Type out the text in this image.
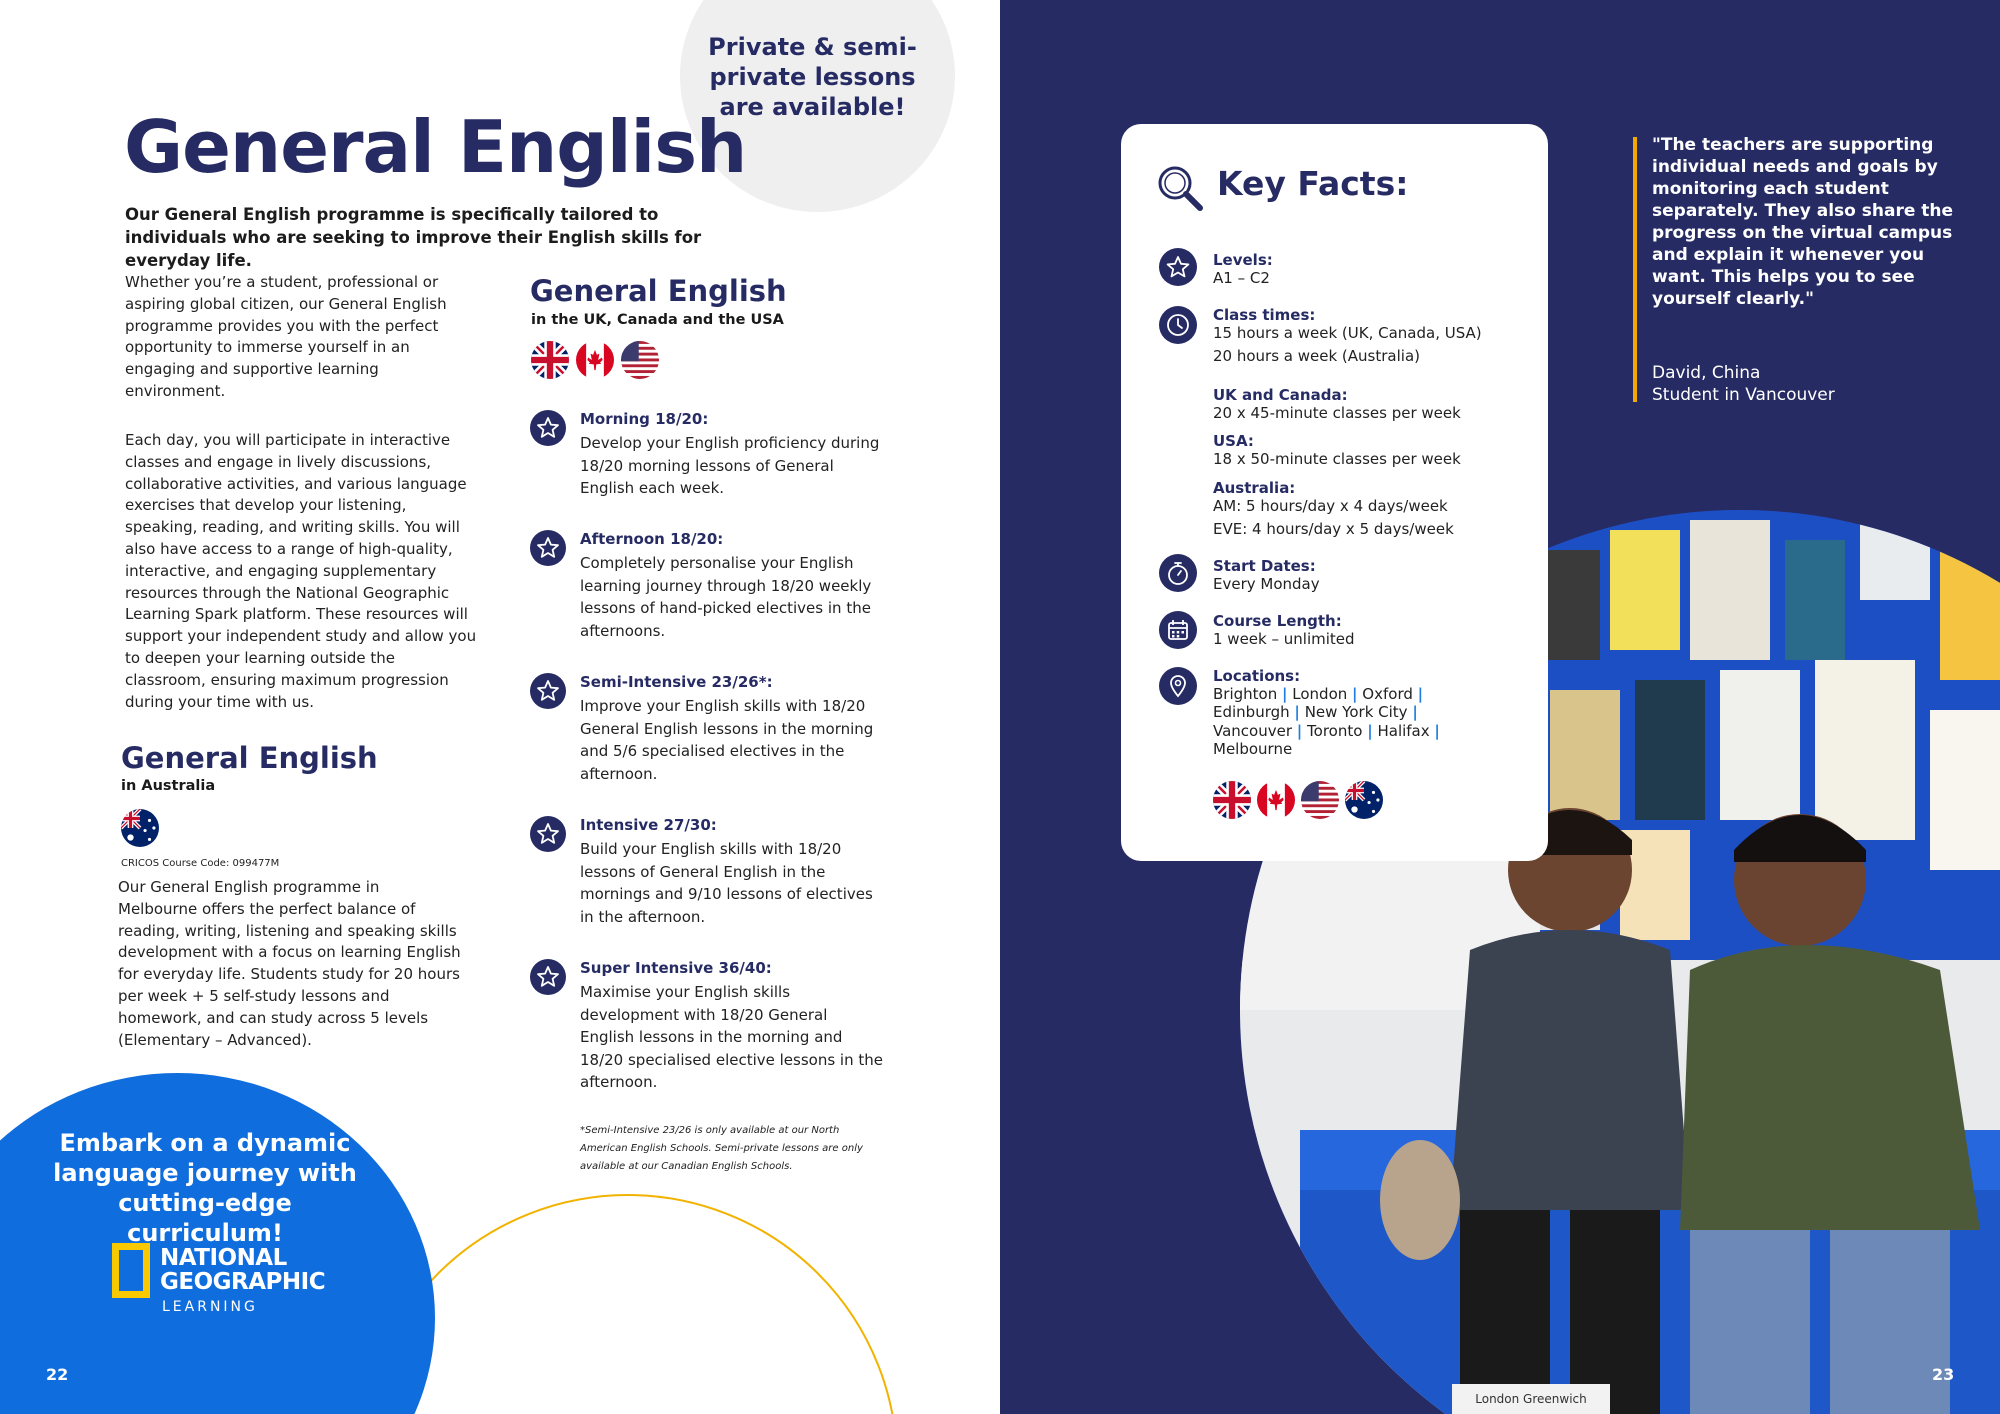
Private & semi-private lessons are available!
General English
Our General English programme is specifically tailored to individuals who are seeking to improve their English skills for everyday life.
Whether you’re a student, professional or aspiring global citizen, our General English programme provides you with the perfect opportunity to immerse yourself in an engaging and supportive learning environment.
Each day, you will participate in interactive classes and engage in lively discussions, collaborative activities, and various language exercises that develop your listening, speaking, reading, and writing skills. You will also have access to a range of high-quality, interactive, and engaging supplementary resources through the National Geographic Learning Spark platform. These resources will support your independent study and allow you to deepen your learning outside the classroom, ensuring maximum progression during your time with us.
General English
in the UK, Canada and the USA
Morning 18/20:
Develop your English proficiency during 18/20 morning lessons of General English each week.
Afternoon 18/20:
Completely personalise your English learning journey through 18/20 weekly lessons of hand-picked electives in the afternoons.
Semi-Intensive 23/26*:
Improve your English skills with 18/20 General English lessons in the morning and 5/6 specialised electives in the afternoon.
Intensive 27/30:
Build your English skills with 18/20 lessons of General English in the mornings and 9/10 lessons of electives in the afternoon.
Super Intensive 36/40:
Maximise your English skills development with 18/20 General English lessons in the morning and 18/20 specialised elective lessons in the afternoon.
*Semi-Intensive 23/26 is only available at our North American English Schools. Semi-private lessons are only available at our Canadian English Schools.
General English
in Australia
CRICOS Course Code: 099477M
Our General English programme in Melbourne offers the perfect balance of reading, writing, listening and speaking skills development with a focus on learning English for everyday life. Students study for 20 hours per week + 5 self-study lessons and homework, and can study across 5 levels (Elementary – Advanced).
Embark on a dynamic language journey with cutting-edge curriculum!
NATIONAL
GEOGRAPHIC
LEARNING
22
London Greenwich
Key Facts:
Levels:
A1 – C2
Class times:
15 hours a week (UK, Canada, USA)
20 hours a week (Australia)
UK and Canada:
20 x 45-minute classes per week
USA:
18 x 50-minute classes per week
Australia:
AM: 5 hours/day x 4 days/week
EVE: 4 hours/day x 5 days/week
Start Dates:
Every Monday
Course Length:
1 week – unlimited
Locations:
Brighton | London | Oxford |
Edinburgh | New York City |
Vancouver | Toronto | Halifax |
Melbourne
"The teachers are supporting individual needs and goals by monitoring each student separately. They also share the progress on the virtual campus and explain it whenever you want. This helps you to see yourself clearly."
David, China
Student in Vancouver
23
